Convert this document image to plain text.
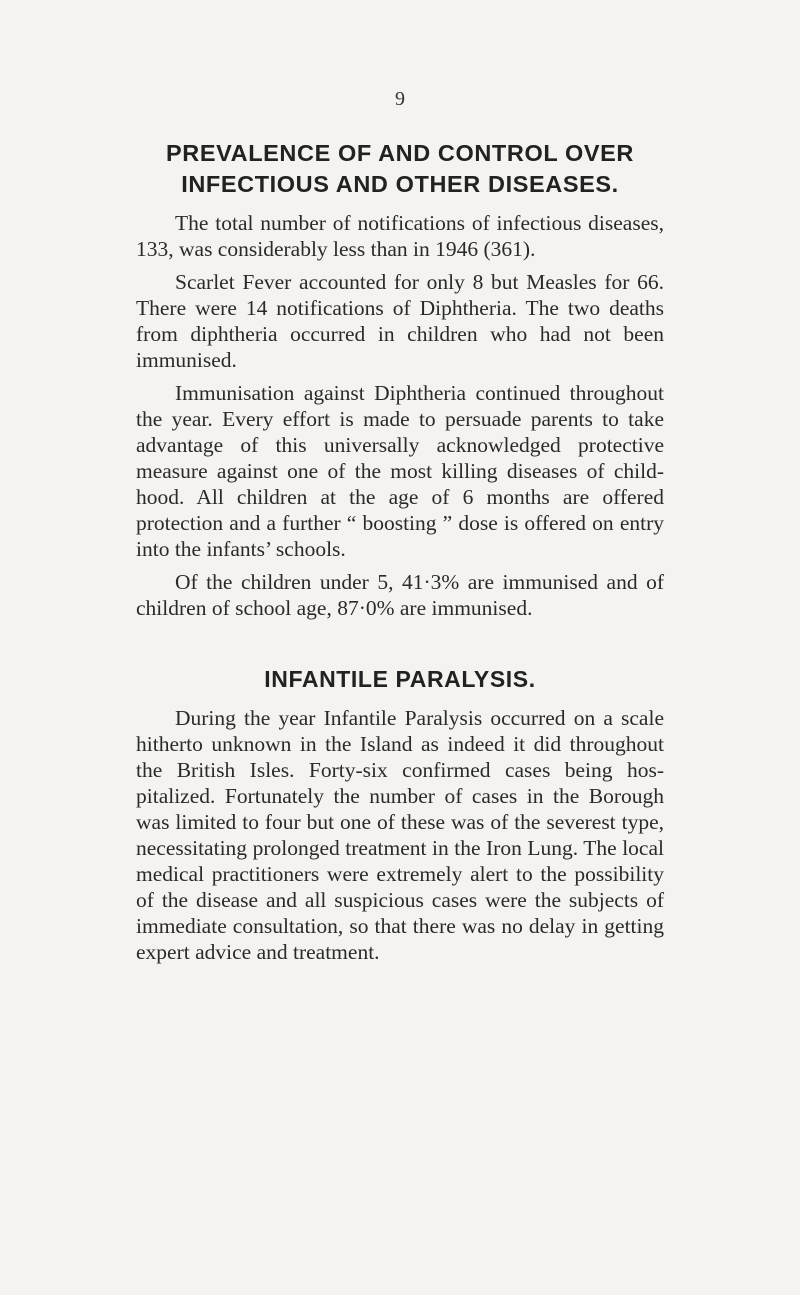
9
PREVALENCE OF AND CONTROL OVER INFECTIOUS AND OTHER DISEASES.

The total number of notifications of infectious diseases, 133, was considerably less than in 1946 (361).

Scarlet Fever accounted for only 8 but Measles for 66. There were 14 notifications of Diphtheria. The two deaths from diphtheria occurred in children who had not been immunised.

Immunisation against Diphtheria continued throughout the year. Every effort is made to persuade parents to take advantage of this universally acknowledged protective measure against one of the most killing diseases of child-hood. All children at the age of 6 months are offered protection and a further “ boosting ” dose is offered on entry into the infants’ schools.

Of the children under 5, 41·3% are immunised and of children of school age, 87·0% are immunised.

INFANTILE PARALYSIS.

During the year Infantile Paralysis occurred on a scale hitherto unknown in the Island as indeed it did throughout the British Isles. Forty-six confirmed cases being hos-pitalized. Fortunately the number of cases in the Borough was limited to four but one of these was of the severest type, necessitating prolonged treatment in the Iron Lung. The local medical practitioners were extremely alert to the possibility of the disease and all suspicious cases were the subjects of immediate consultation, so that there was no delay in getting expert advice and treatment.
